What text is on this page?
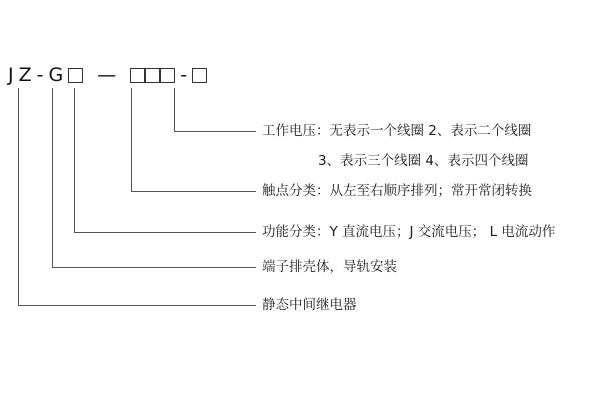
J Z - G —	-
工作电压：无表示一个线圈 2、表示二个线圈
3、表示三个线圈 4、表示四个线圈
触点分类：从左至右顺序排列；常开常闭转换
功能分类：Y 直流电压；J 交流电压； L 电流动作
端子排壳体，导轨安装
静态中间继电器
